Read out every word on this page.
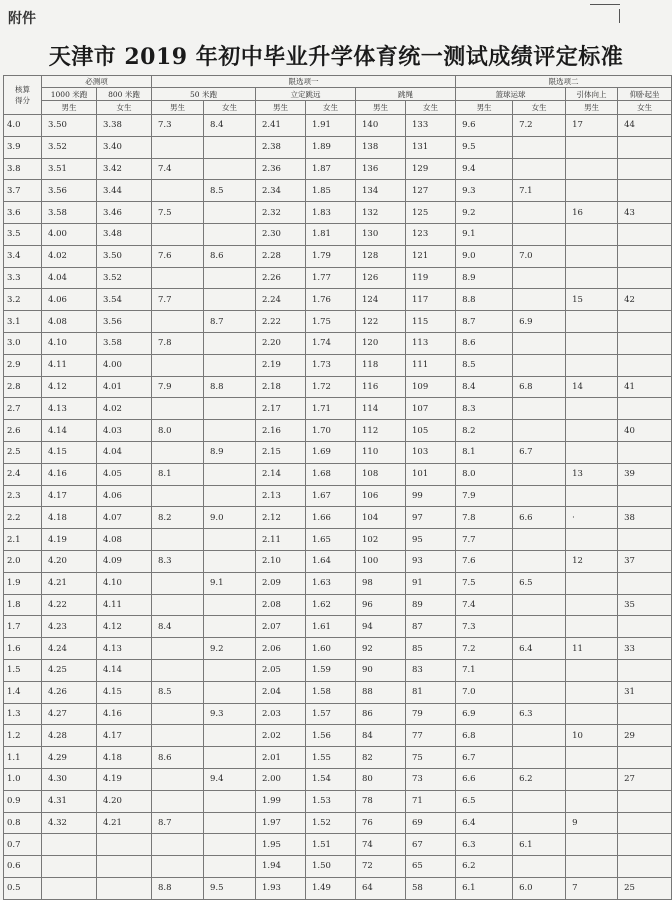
附件
天津市 2019 年初中毕业升学体育统一测试成绩评定标准
核算
得分	必测项		限选项一						限选项二			
	1000 米跑	800 米跑	50 米跑		立定跳远		跳绳		篮球运球		引体向上	仰卧起坐
	男生	女生	男生	女生	男生	女生	男生	女生	男生	女生	男生	女生
4.0	3.50	3.38	7.3	8.4	2.41	1.91	140	133	9.6	7.2	17	44
3.9	3.52	3.40			2.38	1.89	138	131	9.5			
3.8	3.51	3.42	7.4		2.36	1.87	136	129	9.4			
3.7	3.56	3.44		8.5	2.34	1.85	134	127	9.3	7.1		
3.6	3.58	3.46	7.5		2.32	1.83	132	125	9.2		16	43
3.5	4.00	3.48			2.30	1.81	130	123	9.1			
3.4	4.02	3.50	7.6	8.6	2.28	1.79	128	121	9.0	7.0		
3.3	4.04	3.52			2.26	1.77	126	119	8.9			
3.2	4.06	3.54	7.7		2.24	1.76	124	117	8.8		15	42
3.1	4.08	3.56		8.7	2.22	1.75	122	115	8.7	6.9		
3.0	4.10	3.58	7.8		2.20	1.74	120	113	8.6			
2.9	4.11	4.00			2.19	1.73	118	111	8.5			
2.8	4.12	4.01	7.9	8.8	2.18	1.72	116	109	8.4	6.8	14	41
2.7	4.13	4.02			2.17	1.71	114	107	8.3			
2.6	4.14	4.03	8.0		2.16	1.70	112	105	8.2			40
2.5	4.15	4.04		8.9	2.15	1.69	110	103	8.1	6.7		
2.4	4.16	4.05	8.1		2.14	1.68	108	101	8.0		13	39
2.3	4.17	4.06			2.13	1.67	106	99	7.9			
2.2	4.18	4.07	8.2	9.0	2.12	1.66	104	97	7.8	6.6	·	38
2.1	4.19	4.08			2.11	1.65	102	95	7.7			
2.0	4.20	4.09	8.3		2.10	1.64	100	93	7.6		12	37
1.9	4.21	4.10		9.1	2.09	1.63	98	91	7.5	6.5		
1.8	4.22	4.11			2.08	1.62	96	89	7.4			35
1.7	4.23	4.12	8.4		2.07	1.61	94	87	7.3			
1.6	4.24	4.13		9.2	2.06	1.60	92	85	7.2	6.4	11	33
1.5	4.25	4.14			2.05	1.59	90	83	7.1			
1.4	4.26	4.15	8.5		2.04	1.58	88	81	7.0			31
1.3	4.27	4.16		9.3	2.03	1.57	86	79	6.9	6.3		
1.2	4.28	4.17			2.02	1.56	84	77	6.8		10	29
1.1	4.29	4.18	8.6		2.01	1.55	82	75	6.7			
1.0	4.30	4.19		9.4	2.00	1.54	80	73	6.6	6.2		27
0.9	4.31	4.20			1.99	1.53	78	71	6.5			
0.8	4.32	4.21	8.7		1.97	1.52	76	69	6.4		9	
0.7					1.95	1.51	74	67	6.3	6.1		
0.6					1.94	1.50	72	65	6.2			
0.5			8.8	9.5	1.93	1.49	64	58	6.1	6.0	7	25
